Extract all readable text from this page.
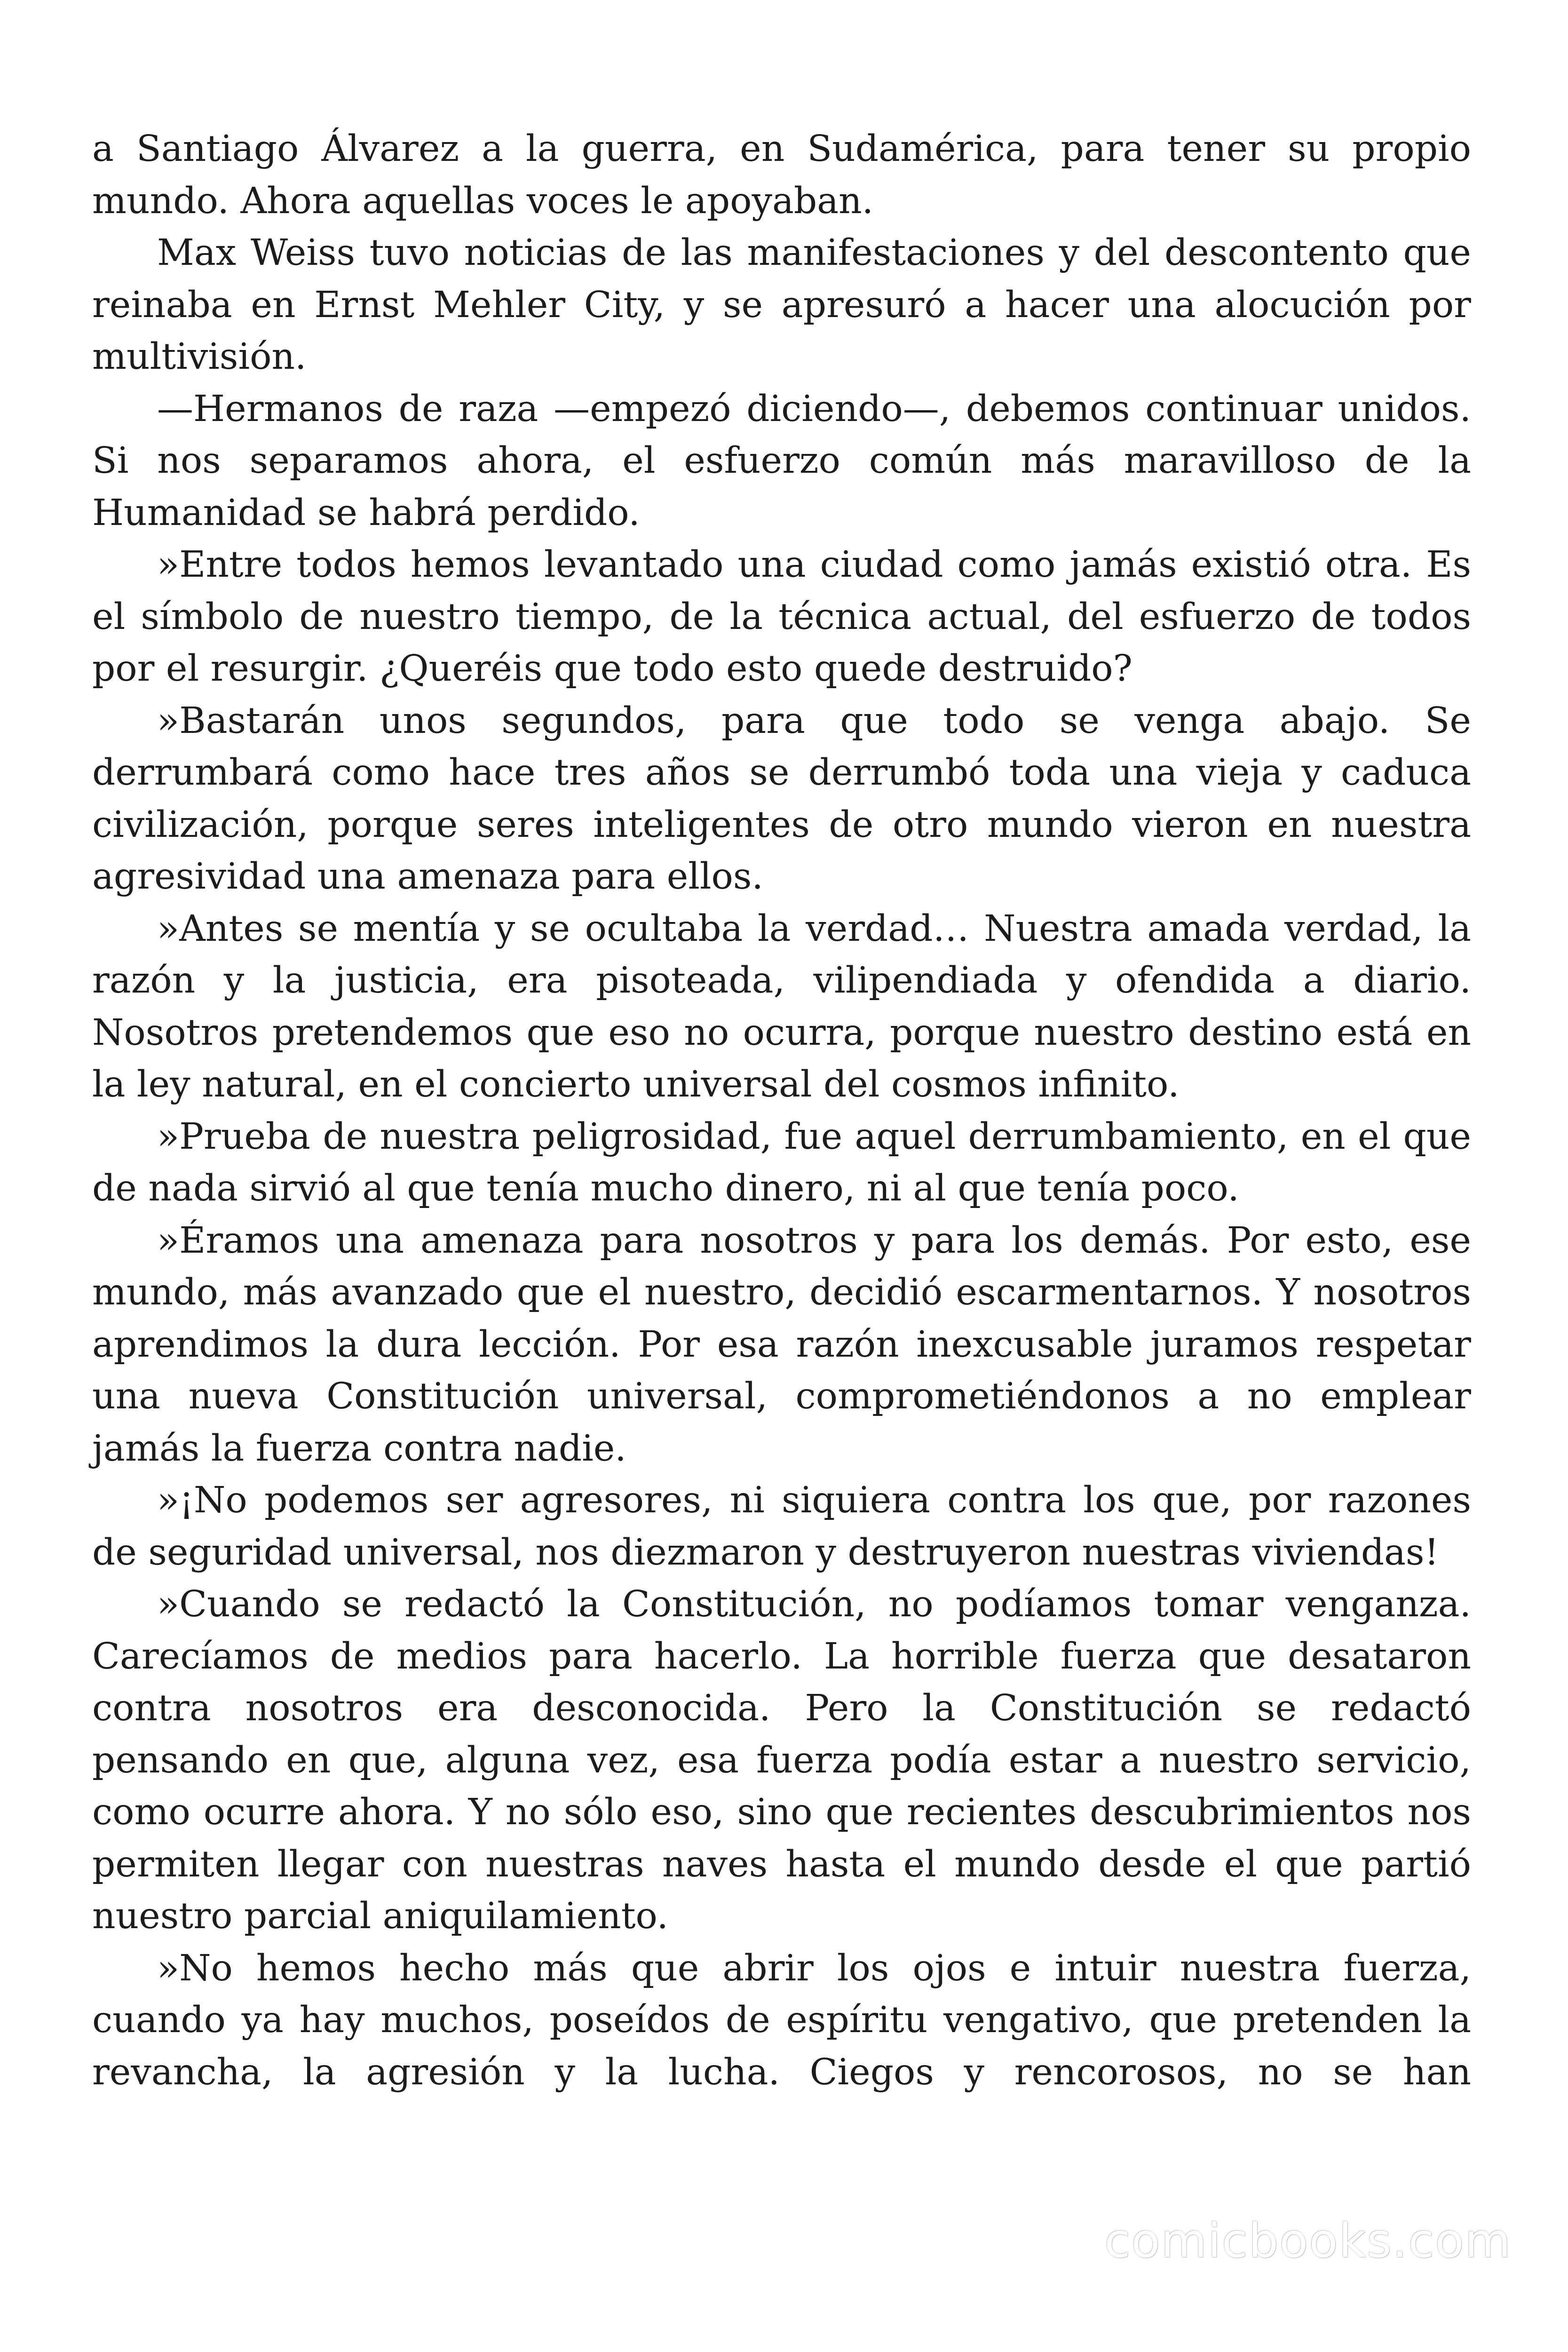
a Santiago Álvarez a la guerra, en Sudamérica, para tener su propio mundo. Ahora aquellas voces le apoyaban.

Max Weiss tuvo noticias de las manifestaciones y del descontento que reinaba en Ernst Mehler City, y se apresuró a hacer una alocución por multivisión.

—Hermanos de raza —empezó diciendo—, debemos continuar unidos. Si nos separamos ahora, el esfuerzo común más maravilloso de la Humanidad se habrá perdido.

»Entre todos hemos levantado una ciudad como jamás existió otra. Es el símbolo de nuestro tiempo, de la técnica actual, del esfuerzo de todos por el resurgir. ¿Queréis que todo esto quede destruido?

»Bastarán unos segundos, para que todo se venga abajo. Se derrumbará como hace tres años se derrumbó toda una vieja y caduca civilización, porque seres inteligentes de otro mundo vieron en nuestra agresividad una amenaza para ellos.

»Antes se mentía y se ocultaba la verdad… Nuestra amada verdad, la razón y la justicia, era pisoteada, vilipendiada y ofendida a diario. Nosotros pretendemos que eso no ocurra, porque nuestro destino está en la ley natural, en el concierto universal del cosmos infinito.

»Prueba de nuestra peligrosidad, fue aquel derrumbamiento, en el que de nada sirvió al que tenía mucho dinero, ni al que tenía poco.

»Éramos una amenaza para nosotros y para los demás. Por esto, ese mundo, más avanzado que el nuestro, decidió escarmentarnos. Y nosotros aprendimos la dura lección. Por esa razón inexcusable juramos respetar una nueva Constitución universal, comprometiéndonos a no emplear jamás la fuerza contra nadie.

»¡No podemos ser agresores, ni siquiera contra los que, por razones de seguridad universal, nos diezmaron y destruyeron nuestras viviendas!

»Cuando se redactó la Constitución, no podíamos tomar venganza. Carecíamos de medios para hacerlo. La horrible fuerza que desataron contra nosotros era desconocida. Pero la Constitución se redactó pensando en que, alguna vez, esa fuerza podía estar a nuestro servicio, como ocurre ahora. Y no sólo eso, sino que recientes descubrimientos nos permiten llegar con nuestras naves hasta el mundo desde el que partió nuestro parcial aniquilamiento.

»No hemos hecho más que abrir los ojos e intuir nuestra fuerza, cuando ya hay muchos, poseídos de espíritu vengativo, que pretenden la revancha, la agresión y la lucha. Ciegos y rencorosos, no se han

comicbooks.com
